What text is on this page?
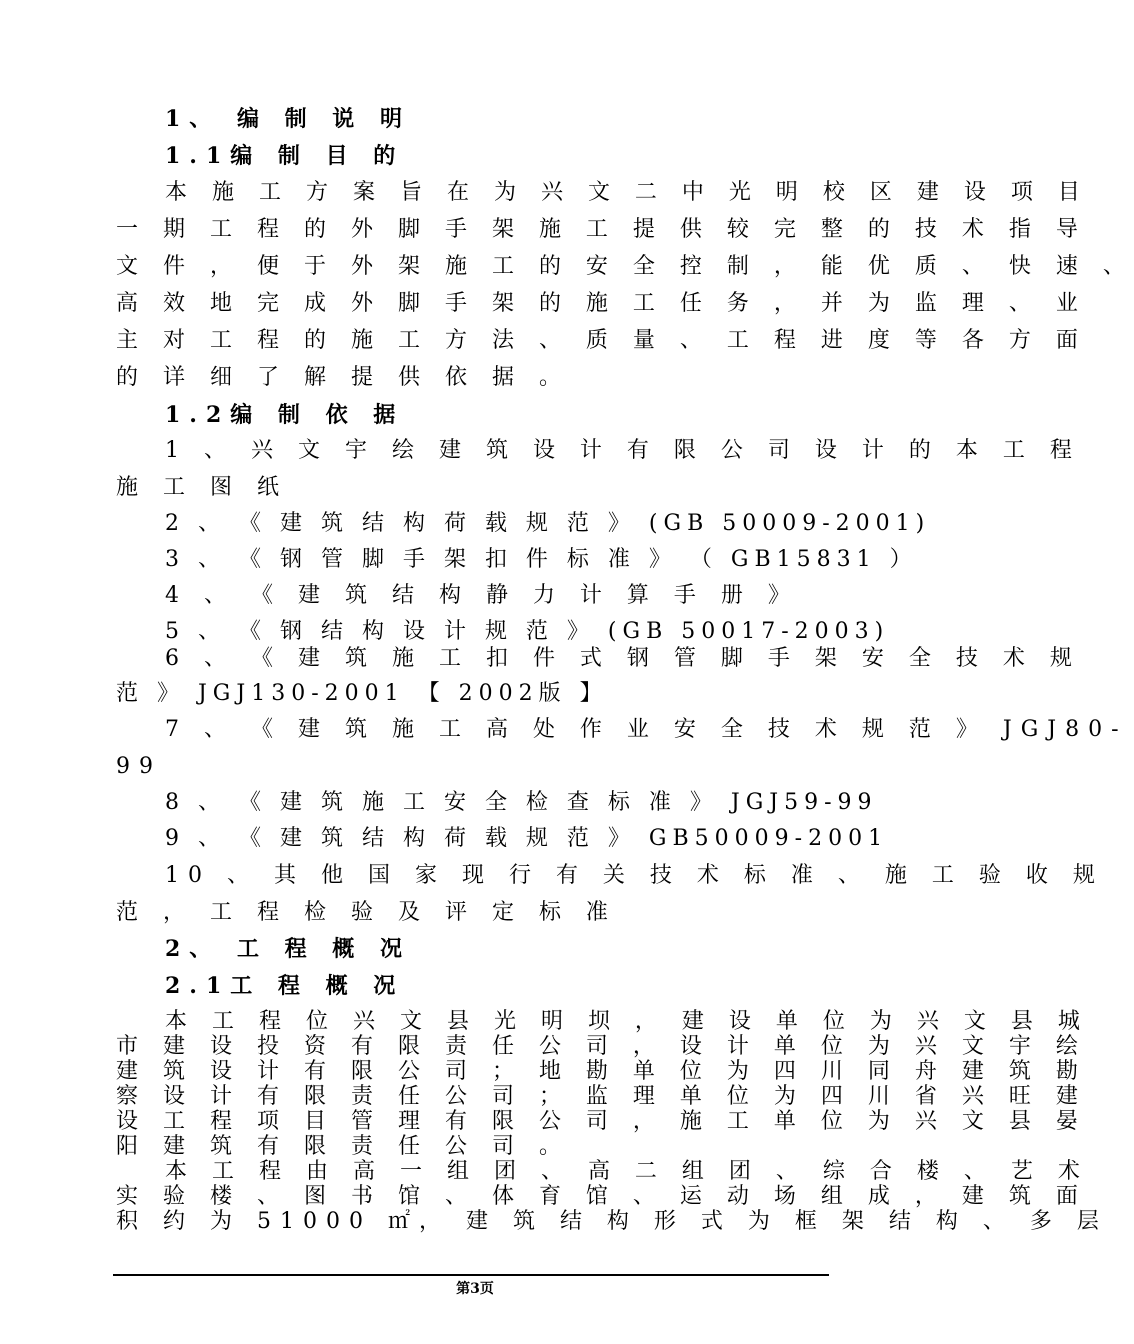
1、 编 制 说 明
1.1编 制 目 的
本 施 工 方 案 旨 在 为 兴 文 二 中 光 明 校 区 建 设 项 目
一 期 工 程 的 外 脚 手 架 施 工 提 供 较 完 整 的 技 术 指 导
文 件 ， 便 于 外 架 施 工 的 安 全 控 制 ， 能 优 质 、 快 速 、
高 效 地 完 成 外 脚 手 架 的 施 工 任 务 ， 并 为 监 理 、 业
主 对 工 程 的 施 工 方 法 、 质 量 、 工 程 进 度 等 各 方 面
的 详 细 了 解 提 供 依 据 。
1.2编 制 依 据
1 、 兴 文 宇 绘 建 筑 设 计 有 限 公 司 设 计 的 本 工 程
施 工 图 纸
2 、 《 建 筑 结 构 荷 载 规 范 》 (GB 50009-2001)
3 、 《 钢 管 脚 手 架 扣 件 标 准 》 （ GB15831 ）
4 、 《 建 筑 结 构 静 力 计 算 手 册 》
5 、 《 钢 结 构 设 计 规 范 》 (GB 50017-2003)
6 、 《 建 筑 施 工 扣 件 式 钢 管 脚 手 架 安 全 技 术 规
范 》 JGJ130-2001 【 2002版 】
7 、 《 建 筑 施 工 高 处 作 业 安 全 技 术 规 范 》 JGJ80-
99
8 、 《 建 筑 施 工 安 全 检 查 标 准 》 JGJ59-99
9 、 《 建 筑 结 构 荷 载 规 范 》 GB50009-2001
10 、 其 他 国 家 现 行 有 关 技 术 标 准 、 施 工 验 收 规
范 ， 工 程 检 验 及 评 定 标 准
2、 工 程 概 况
2.1工 程 概 况
本 工 程 位 兴 文 县 光 明 坝 ， 建 设 单 位 为 兴 文 县 城
市 建 设 投 资 有 限 责 任 公 司 ， 设 计 单 位 为 兴 文 宇 绘
建 筑 设 计 有 限 公 司 ； 地 勘 单 位 为 四 川 同 舟 建 筑 勘
察 设 计 有 限 责 任 公 司 ； 监 理 单 位 为 四 川 省 兴 旺 建
设 工 程 项 目 管 理 有 限 公 司 ， 施 工 单 位 为 兴 文 县 晏
阳 建 筑 有 限 责 任 公 司 。
本 工 程 由 高 一 组 团 、 高 二 组 团 、 综 合 楼 、 艺 术
实 验 楼 、 图 书 馆 、 体 育 馆 、 运 动 场 组 成 ， 建 筑 面
积 约 为 51000 ㎡， 建 筑 结 构 形 式 为 框 架 结 构 、 多 层
第3页
